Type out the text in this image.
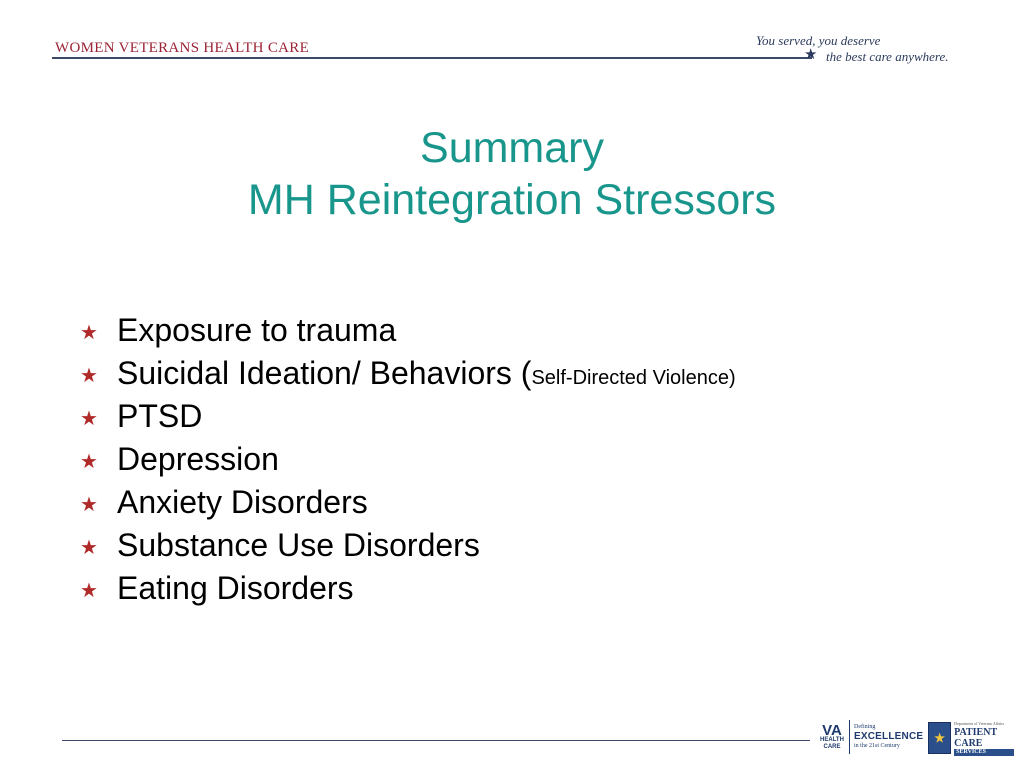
WOMEN VETERANS HEALTH CARE	★
You served, you deserve
the best care anywhere.
Summary
MH Reintegration Stressors
★ Exposure to trauma
★ Suicidal Ideation/ Behaviors ( Self-Directed Violence)
★ PTSD
★ Depression
★ Anxiety Disorders
★ Substance Use Disorders
★ Eating Disorders
VA
HEALTH
CARE
Defining
EXCELLENCE
in the 21st Century
★
Department of Veterans Affairs
PATIENT CARE
SERVICES
